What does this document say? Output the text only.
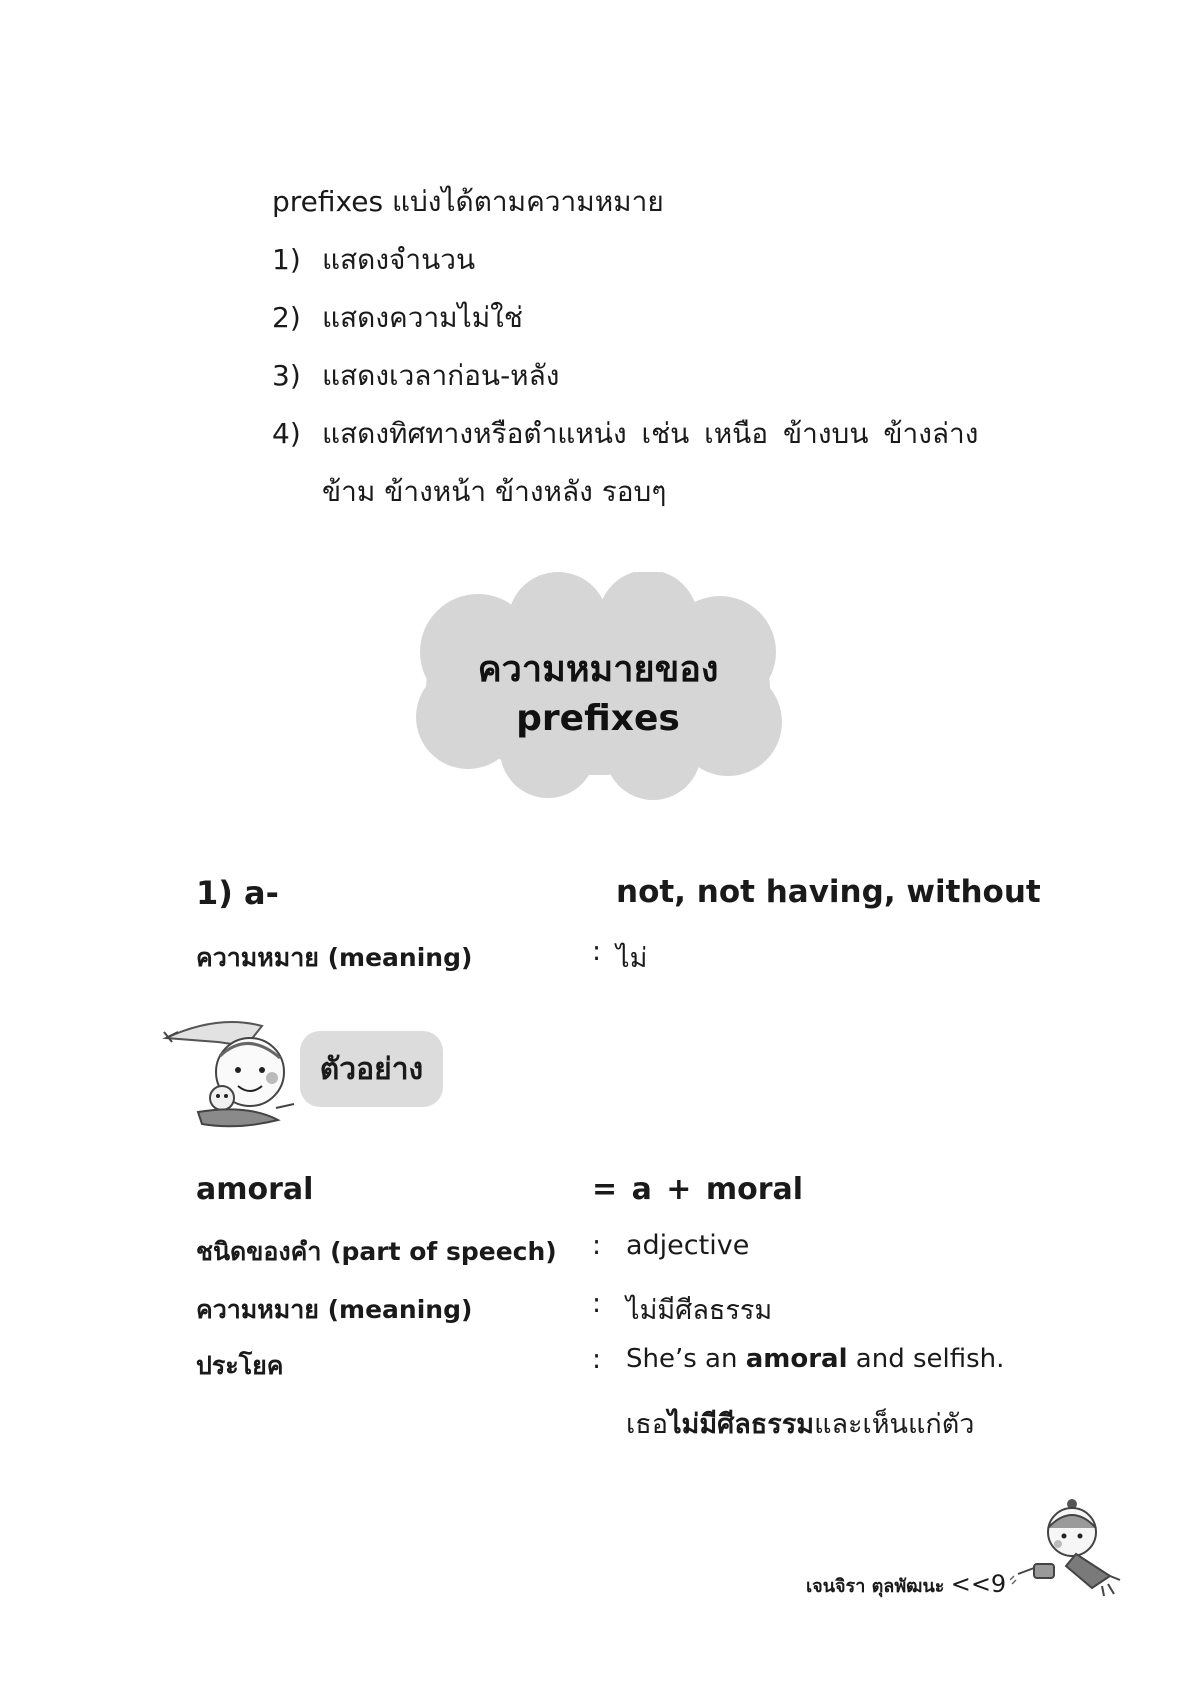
prefixes แบ่งได้ตามความหมาย
1) แสดงจำนวน
2) แสดงความไม่ใช่
3) แสดงเวลาก่อน-หลัง
4) แสดงทิศทางหรือตำแหน่ง เช่น เหนือ ข้างบน ข้างล่าง
ข้าม ข้างหน้า ข้างหลัง รอบๆ
ความหมายของ
prefixes
1) a-	not, not having, without
ความหมาย (meaning)	: ไม่
ตัวอย่าง
amoral	= a + moral
ชนิดของคำ (part of speech) : adjective
ความหมาย (meaning)	: ไม่มีศีลธรรม
ประโยค	: She’s an amoral and selfish.
เธอไม่มีศีลธรรมและเห็นแก่ตัว
เจนจิรา ตุลพัฒนะ <<9
